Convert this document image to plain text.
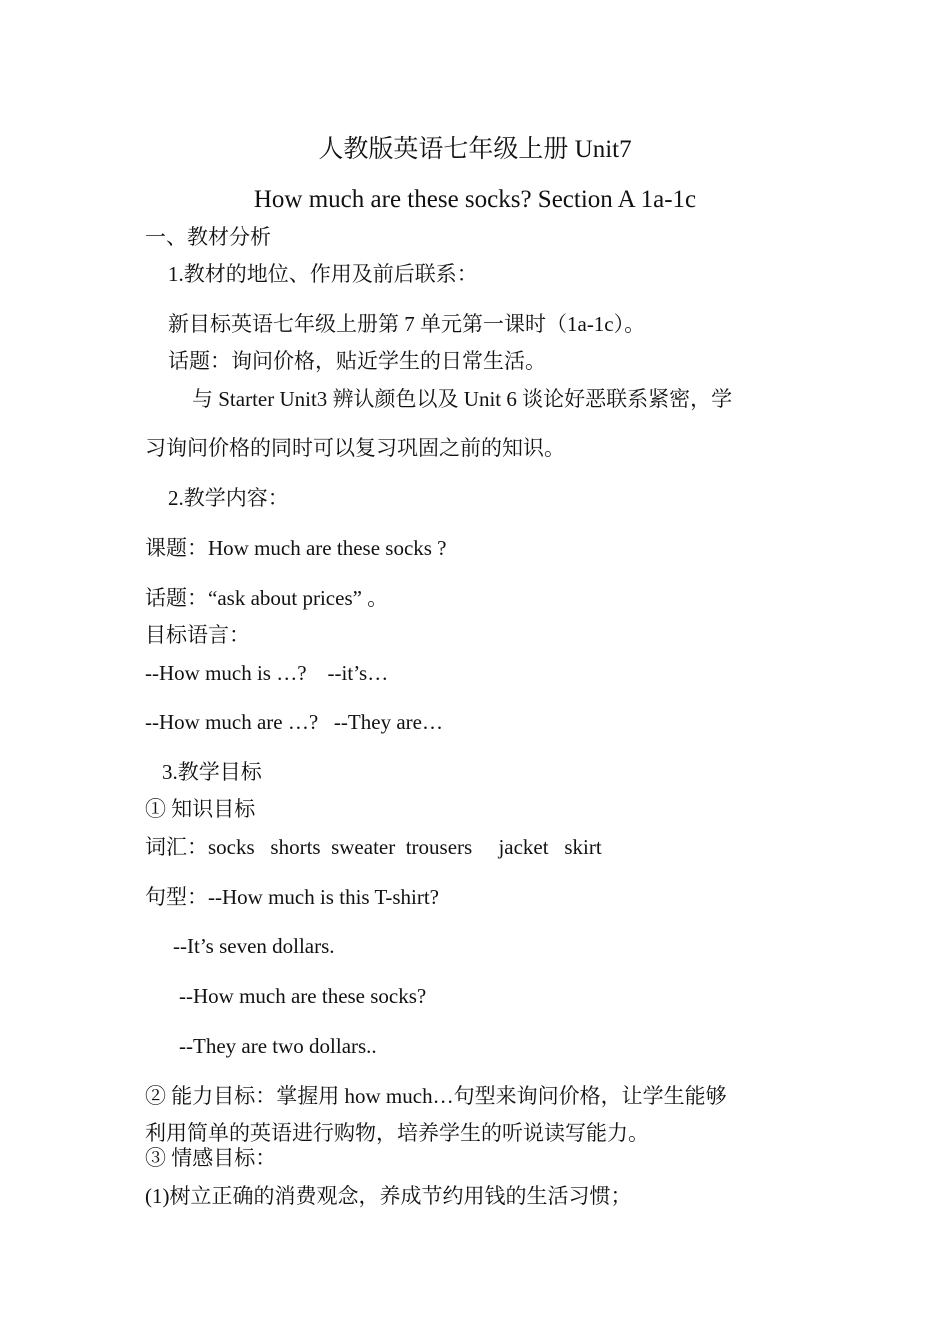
人教版英语七年级上册 Unit7
How much are these socks? Section A 1a-1c
一、教材分析
1.教材的地位、作用及前后联系：
新目标英语七年级上册第 7 单元第一课时（1a-1c）。
话题：询问价格，贴近学生的日常生活。
与 Starter Unit3 辨认颜色以及 Unit 6 谈论好恶联系紧密，学
习询问价格的同时可以复习巩固之前的知识。
2.教学内容：
课题：How much are these socks ?
话题：“ask about prices” 。
目标语言：
--How much is …?    --it’s…
--How much are …?   --They are…
3.教学目标
① 知识目标
词汇：socks   shorts  sweater  trousers     jacket   skirt
句型：--How much is this T-shirt?
--It’s seven dollars.
--How much are these socks?
--They are two dollars..
② 能力目标：掌握用 how much…句型来询问价格，让学生能够
利用简单的英语进行购物，培养学生的听说读写能力。
③ 情感目标：
(1)树立正确的消费观念，养成节约用钱的生活习惯；
